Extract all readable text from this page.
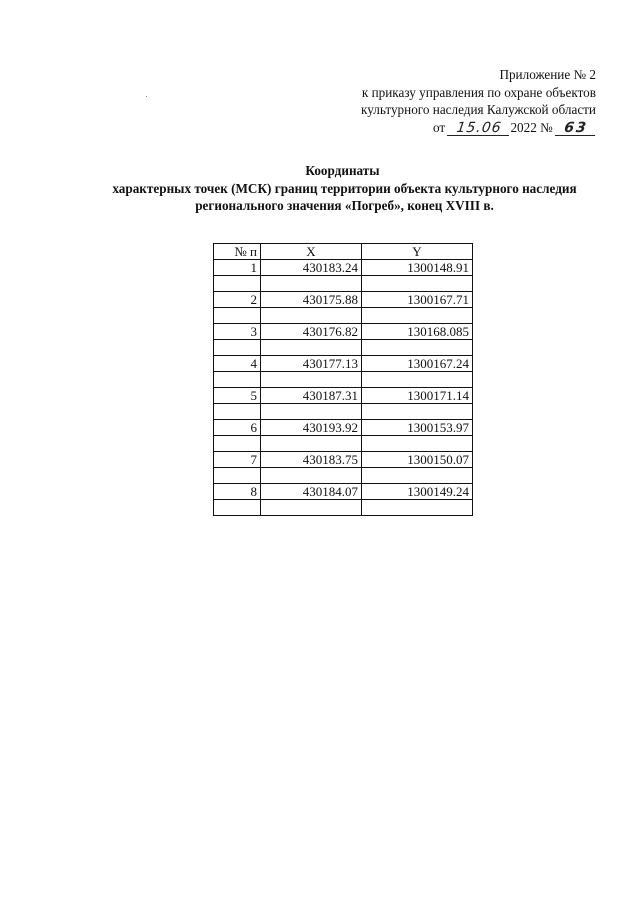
Приложение № 2
к приказу управления по охране объектов
культурного наследия Калужской области
от 15.06 2022 № 63
Координаты
характерных точек (МСК) границ территории объекта культурного наследия
регионального значения «Погреб», конец XVIII в.
№ п	X	Y
1	430183.24	1300148.91

2	430175.88	1300167.71

3	430176.82	130168.085

4	430177.13	1300167.24

5	430187.31	1300171.14

6	430193.92	1300153.97

7	430183.75	1300150.07

8	430184.07	1300149.24
